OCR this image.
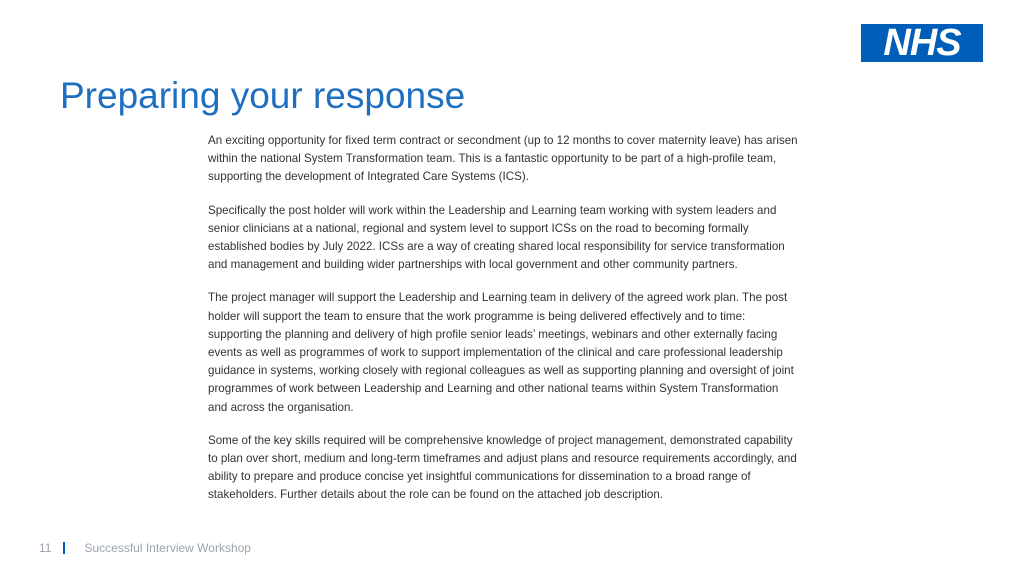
NHS
Preparing your response

An exciting opportunity for fixed term contract or secondment (up to 12 months to cover maternity leave) has arisen within the national System Transformation team. This is a fantastic opportunity to be part of a high-profile team, supporting the development of Integrated Care Systems (ICS).

Specifically the post holder will work within the Leadership and Learning team working with system leaders and senior clinicians at a national, regional and system level to support ICSs on the road to becoming formally established bodies by July 2022. ICSs are a way of creating shared local responsibility for service transformation and management and building wider partnerships with local government and other community partners.

The project manager will support the Leadership and Learning team in delivery of the agreed work plan. The post holder will support the team to ensure that the work programme is being delivered effectively and to time: supporting the planning and delivery of high profile senior leads’ meetings, webinars and other externally facing events as well as programmes of work to support implementation of the clinical and care professional leadership guidance in systems, working closely with regional colleagues as well as supporting planning and oversight of joint programmes of work between Leadership and Learning and other national teams within System Transformation and across the organisation.

Some of the key skills required will be comprehensive knowledge of project management, demonstrated capability to plan over short, medium and long-term timeframes and adjust plans and resource requirements accordingly, and ability to prepare and produce concise yet insightful communications for dissemination to a broad range of stakeholders. Further details about the role can be found on the attached job description.

11	Successful Interview Workshop
